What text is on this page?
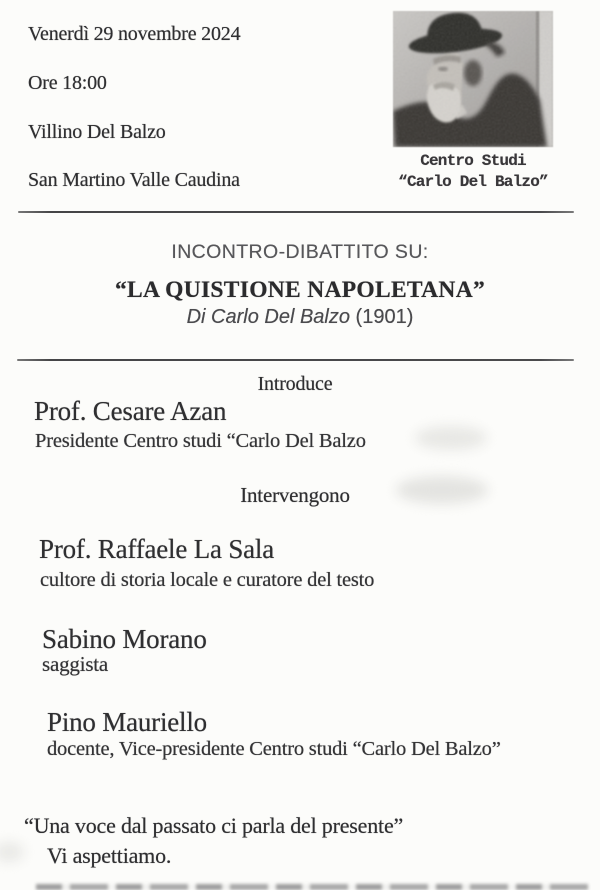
Venerdì 29 novembre 2024
Ore 18:00
Villino Del Balzo
San Martino Valle Caudina
Centro Studi
“Carlo Del Balzo”
INCONTRO-DIBATTITO SU:
“LA QUISTIONE NAPOLETANA”
Di Carlo Del Balzo (1901)
Introduce
Prof. Cesare Azan
Presidente Centro studi “Carlo Del Balzo
Intervengono
Prof. Raffaele La Sala
cultore di storia locale e curatore del testo
Sabino Morano
saggista
Pino Mauriello
docente, Vice-presidente Centro studi “Carlo Del Balzo”
“Una voce dal passato ci parla del presente”
Vi aspettiamo.
